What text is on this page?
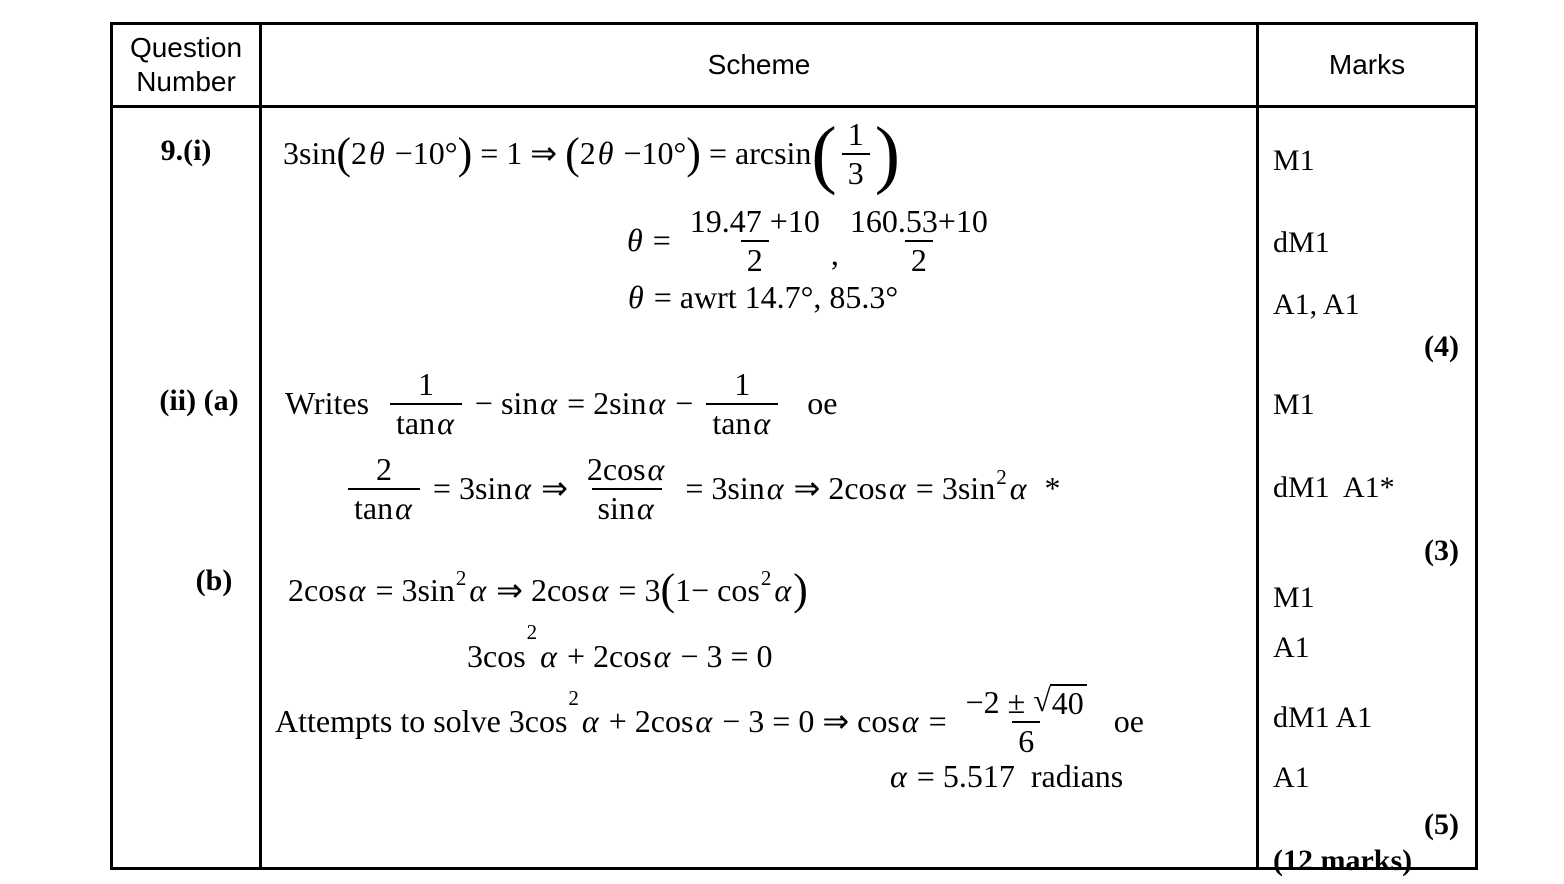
Question Number
Scheme	Marks
9.(i)
(ii) (a)
(b)
3sin ( 2 θ −10° ) = 1 ⇒ ( 2 θ −10° ) = arcsin ( $\frac{1}{3}$ )
$\theta = \frac{19.47 +10}{2}$ , $\frac{160.53+10}{2}$
θ = awrt 14.7°, 85.3°
Writes $\frac{1}{\text{tan α}} - \sin \alpha = 2\sin$ $\alpha - \frac{1}{\text{tan α}}$ oe
$\frac{2}{\text{tan α}} = 3\sin$ α ⇒ $\frac{\text{2cos α}}{\text{sin α}} = 3\sin$ α ⇒ 2cos α = 3sin 2 α *
2cos α = 3sin 2 α ⇒ 2cos α = 3 ( 1− cos 2 α )
3cos
2
α + 2cos α − 3 = 0
Attempts to solve 3cos
2
α + 2cos α − 3 = 0 ⇒ $\cos \alpha = \frac{-2 \pm √ 40}{6}$ oe
α = 5.517  radians
M1
dM1
A1, A1
(4)
M1
dM1  A1*
(3)
M1
A1
dM1 A1
A1
(5)
(12 marks)
